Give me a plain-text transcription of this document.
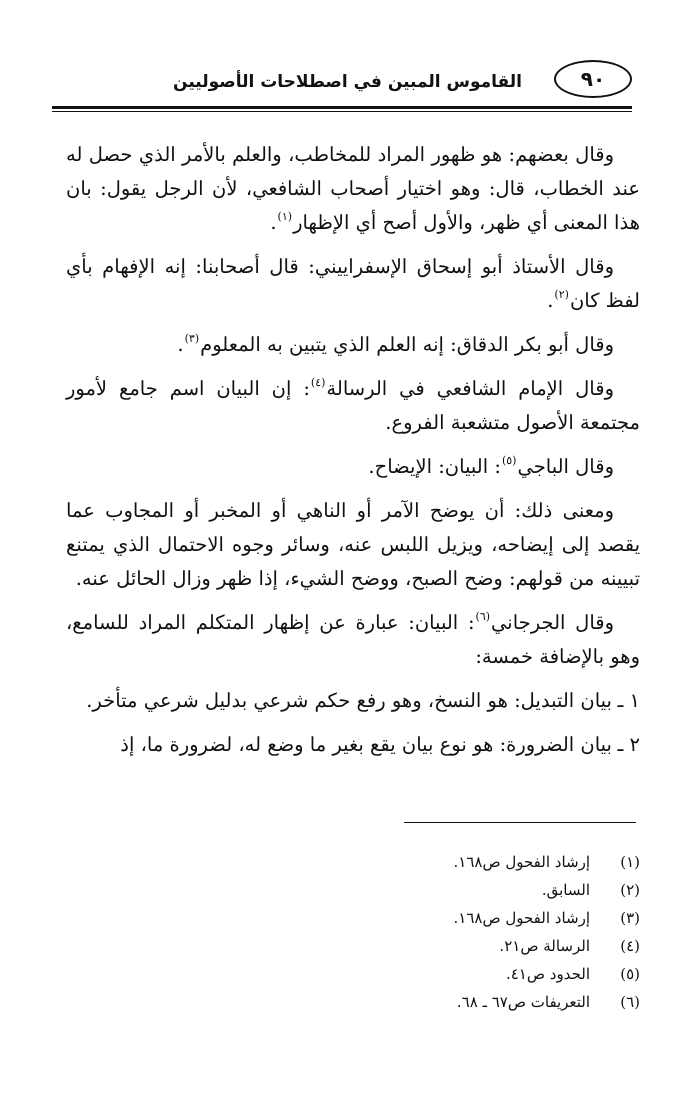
٩٠
القاموس المبين في اصطلاحات الأصوليين

وقال بعضهم: هو ظهور المراد للمخاطب، والعلم بالأمر الذي حصل له عند الخطاب، قال: وهو اختيار أصحاب الشافعي، لأن الرجل يقول: بان هذا المعنى أي ظهر، والأول أصح أي الإظهار$^{(١)}$.

وقال الأستاذ أبو إسحاق الإسفراييني: قال أصحابنا: إنه الإفهام بأي لفظ كان$^{(٢)}$.

وقال أبو بكر الدقاق: إنه العلم الذي يتبين به المعلوم$^{(٣)}$.

وقال الإمام الشافعي في الرسالة$^{(٤)}$: إن البيان اسم جامع لأمور مجتمعة الأصول متشعبة الفروع.

وقال الباجي$^{(٥)}$: البيان: الإيضاح.

ومعنى ذلك: أن يوضح الآمر أو الناهي أو المخبر أو المجاوب عما يقصد إلى إيضاحه، ويزيل اللبس عنه، وسائر وجوه الاحتمال الذي يمتنع تبيينه من قولهم: وضح الصبح، ووضح الشيء، إذا ظهر وزال الحائل عنه.

وقال الجرجاني$^{(٦)}$: البيان: عبارة عن إظهار المتكلم المراد للسامع، وهو بالإضافة خمسة:

١ ـبيان التبديل: هو النسخ، وهو رفع حكم شرعي بدليل شرعي متأخر.

٢ ـبيان الضرورة: هو نوع بيان يقع بغير ما وضع له، لضرورة ما، إذ

(١)إرشاد الفحول ص١٦٨.
(٢)السابق.
(٣)إرشاد الفحول ص١٦٨.
(٤)الرسالة ص٢١.
(٥)الحدود ص٤١.
(٦)التعريفات ص٦٧ ـ ٦٨.
